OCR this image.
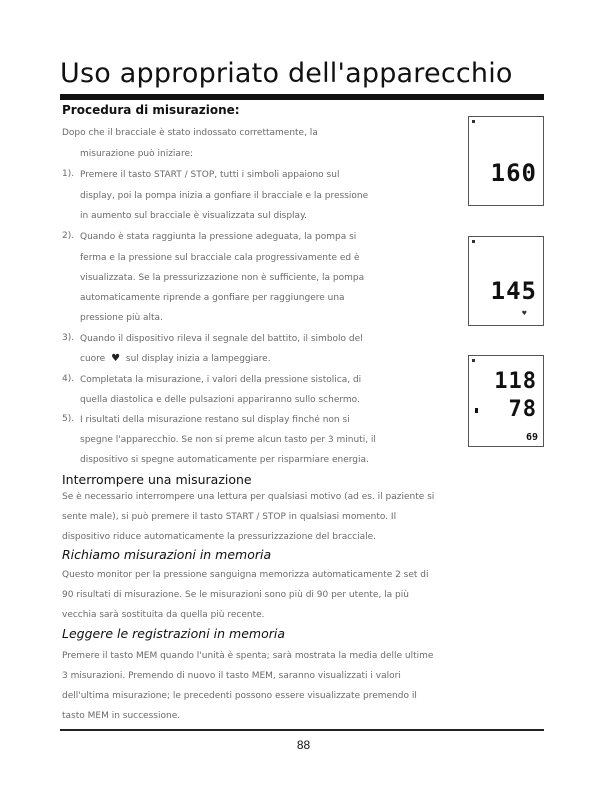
Uso appropriato dell'apparecchio
Procedura di misurazione:
Dopo che il bracciale è stato indossato correttamente, la
misurazione può iniziare:
1). Premere il tasto START / STOP, tutti i simboli appaiono sul
display, poi la pompa inizia a gonfiare il bracciale e la pressione
in aumento sul bracciale è visualizzata sul display.
2). Quando è stata raggiunta la pressione adeguata, la pompa si
ferma e la pressione sul bracciale cala progressivamente ed è
visualizzata. Se la pressurizzazione non è sufficiente, la pompa
automaticamente riprende a gonfiare per raggiungere una
pressione più alta.
3). Quando il dispositivo rileva il segnale del battito, il simbolo del
cuore ♥ sul display inizia a lampeggiare.
4). Completata la misurazione, i valori della pressione sistolica, di
quella diastolica e delle pulsazioni appariranno sullo schermo.
5). I risultati della misurazione restano sul display finché non si
spegne l'apparecchio. Se non si preme alcun tasto per 3 minuti, il
dispositivo si spegne automaticamente per risparmiare energia.
160
145
♥
118
78
69
Interrompere una misurazione
Se è necessario interrompere una lettura per qualsiasi motivo (ad es. il paziente si
sente male), si può premere il tasto START / STOP in qualsiasi momento. Il
dispositivo riduce automaticamente la pressurizzazione del bracciale.
Richiamo misurazioni in memoria
Questo monitor per la pressione sanguigna memorizza automaticamente 2 set di
90 risultati di misurazione. Se le misurazioni sono più di 90 per utente, la più
vecchia sarà sostituita da quella più recente.
Leggere le registrazioni in memoria
Premere il tasto MEM quando l'unità è spenta; sarà mostrata la media delle ultime
3 misurazioni. Premendo di nuovo il tasto MEM, saranno visualizzati i valori
dell'ultima misurazione; le precedenti possono essere visualizzate premendo il
tasto MEM in successione.
88
